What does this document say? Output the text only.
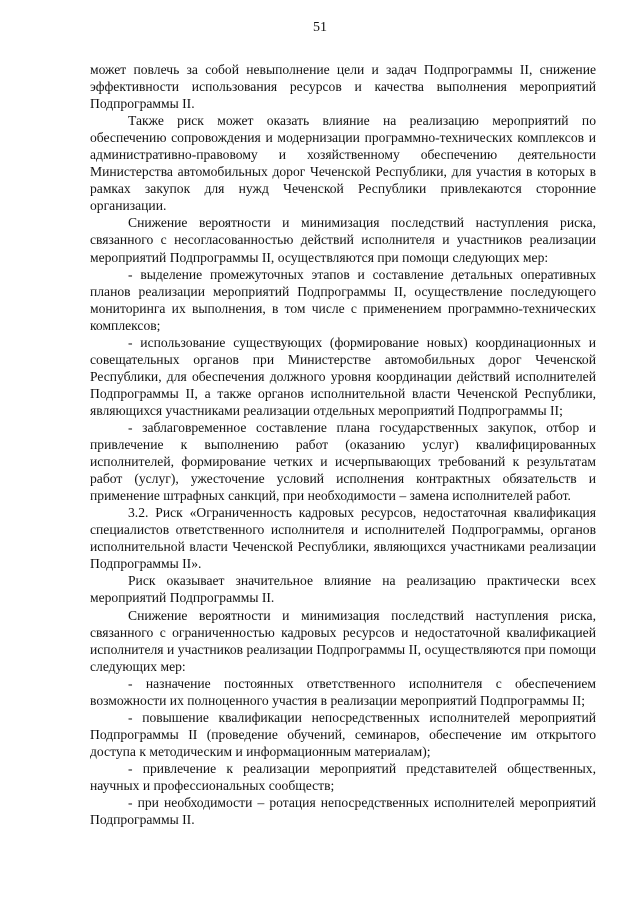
51

может повлечь за собой невыполнение цели и задач Подпрограммы II, снижение эффективности использования ресурсов и качества выполнения мероприятий Подпрограммы II.

Также риск может оказать влияние на реализацию мероприятий по обеспечению сопровождения и модернизации программно-технических комплексов и административно-правовому и хозяйственному обеспечению деятельности Министерства автомобильных дорог Чеченской Республики, для участия в которых в рамках закупок для нужд Чеченской Республики привлекаются сторонние организации.

Снижение вероятности и минимизация последствий наступления риска, связанного с несогласованностью действий исполнителя и участников реализации мероприятий Подпрограммы II, осуществляются при помощи следующих мер:

- выделение промежуточных этапов и составление детальных оперативных планов реализации мероприятий Подпрограммы II, осуществление последующего мониторинга их выполнения, в том числе с применением программно-технических комплексов;

- использование существующих (формирование новых) координационных и совещательных органов при Министерстве автомобильных дорог Чеченской Республики, для обеспечения должного уровня координации действий исполнителей Подпрограммы II, а также органов исполнительной власти Чеченской Республики, являющихся участниками реализации отдельных мероприятий Подпрограммы II;

- заблаговременное составление плана государственных закупок, отбор и привлечение к выполнению работ (оказанию услуг) квалифицированных исполнителей, формирование четких и исчерпывающих требований к результатам работ (услуг), ужесточение условий исполнения контрактных обязательств и применение штрафных санкций, при необходимости – замена исполнителей работ.

3.2. Риск «Ограниченность кадровых ресурсов, недостаточная квалификация специалистов ответственного исполнителя и исполнителей Подпрограммы, органов исполнительной власти Чеченской Республики, являющихся участниками реализации Подпрограммы II».

Риск оказывает значительное влияние на реализацию практически всех мероприятий Подпрограммы II.

Снижение вероятности и минимизация последствий наступления риска, связанного с ограниченностью кадровых ресурсов и недостаточной квалификацией исполнителя и участников реализации Подпрограммы II, осуществляются при помощи следующих мер:

- назначение постоянных ответственного исполнителя с обеспечением возможности их полноценного участия в реализации мероприятий Подпрограммы II;

- повышение квалификации непосредственных исполнителей мероприятий Подпрограммы II (проведение обучений, семинаров, обеспечение им открытого доступа к методическим и информационным материалам);

- привлечение к реализации мероприятий представителей общественных, научных и профессиональных сообществ;

- при необходимости – ротация непосредственных исполнителей мероприятий Подпрограммы II.
